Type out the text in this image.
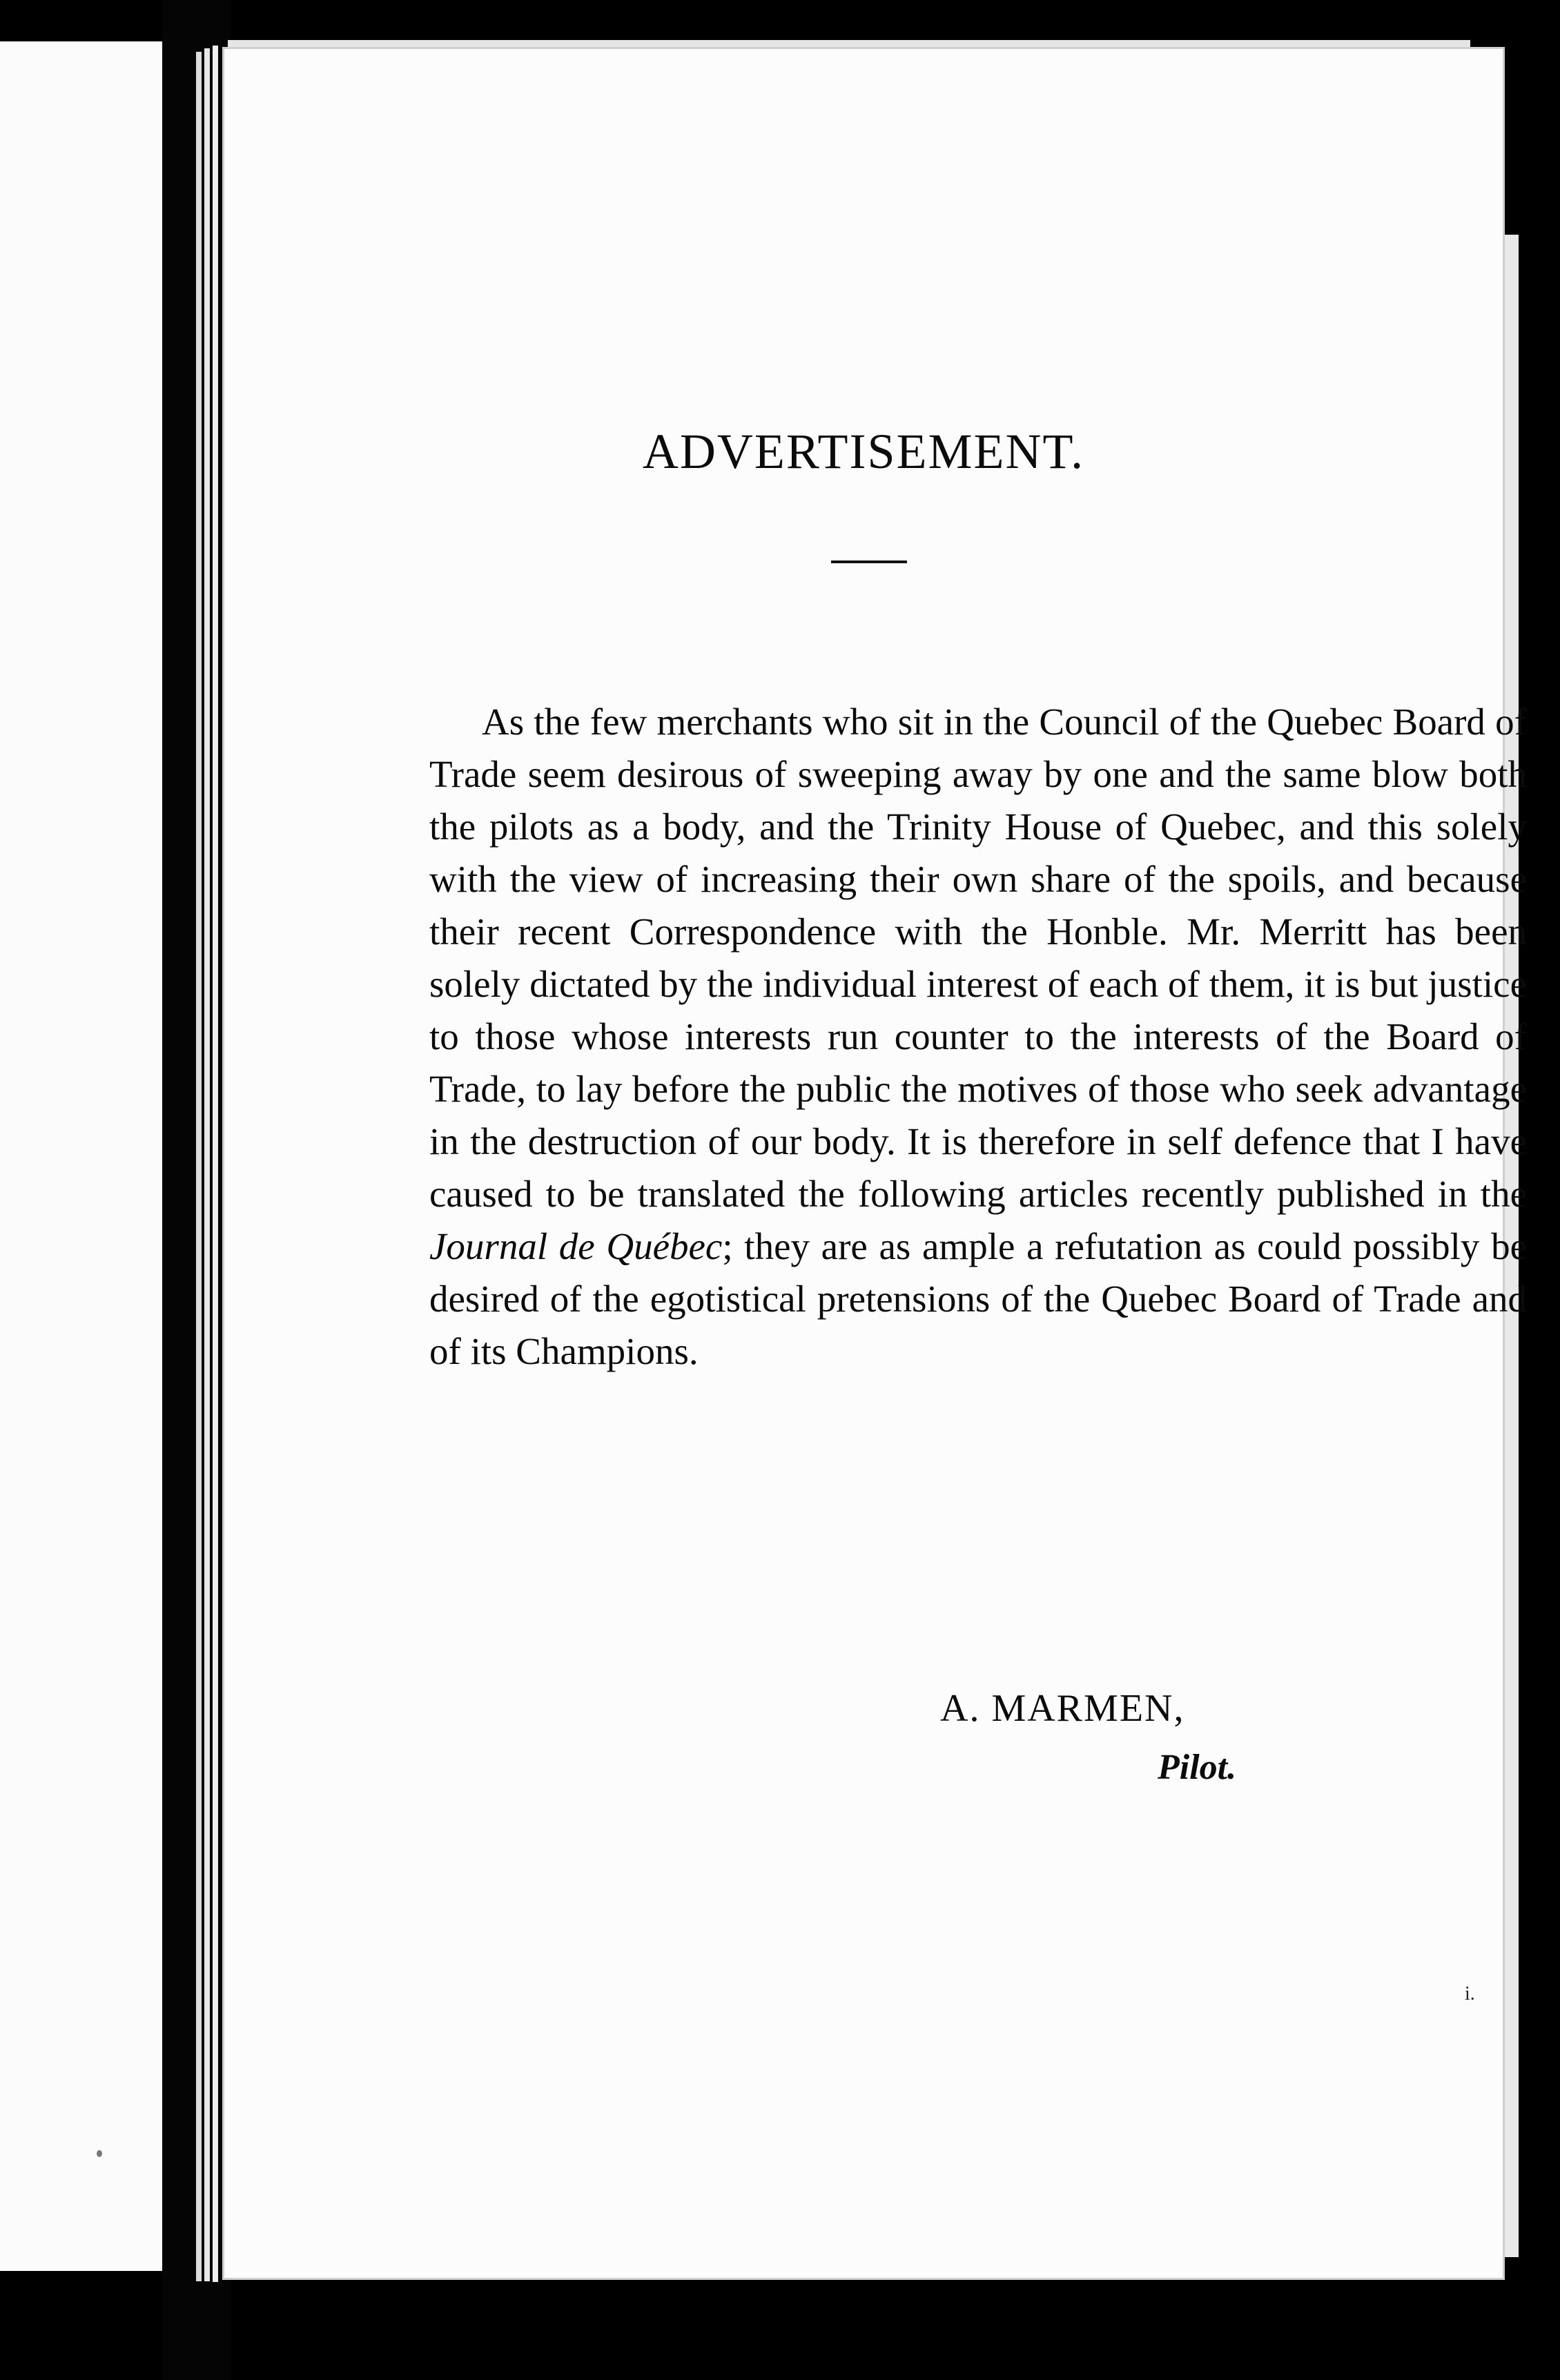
ADVERTISEMENT.

As the few merchants who sit in the Council of the Quebec Board of Trade seem desirous of sweeping away by one and the same blow both the pilots as a body, and the Trinity House of Quebec, and this solely with the view of increasing their own share of the spoils, and because their recent Correspondence with the Honble. Mr. Merritt has been solely dictated by the individual interest of each of them, it is but justice to those whose interests run counter to the interests of the Board of Trade, to lay before the public the motives of those who seek advantage in the destruction of our body. It is therefore in self defence that I have caused to be translated the following articles recently published in the Journal de Québec; they are as ample a refutation as could possibly be desired of the egotistical pretensions of the Quebec Board of Trade and of its Champions.

A. MARMEN,

Pilot.

i.
